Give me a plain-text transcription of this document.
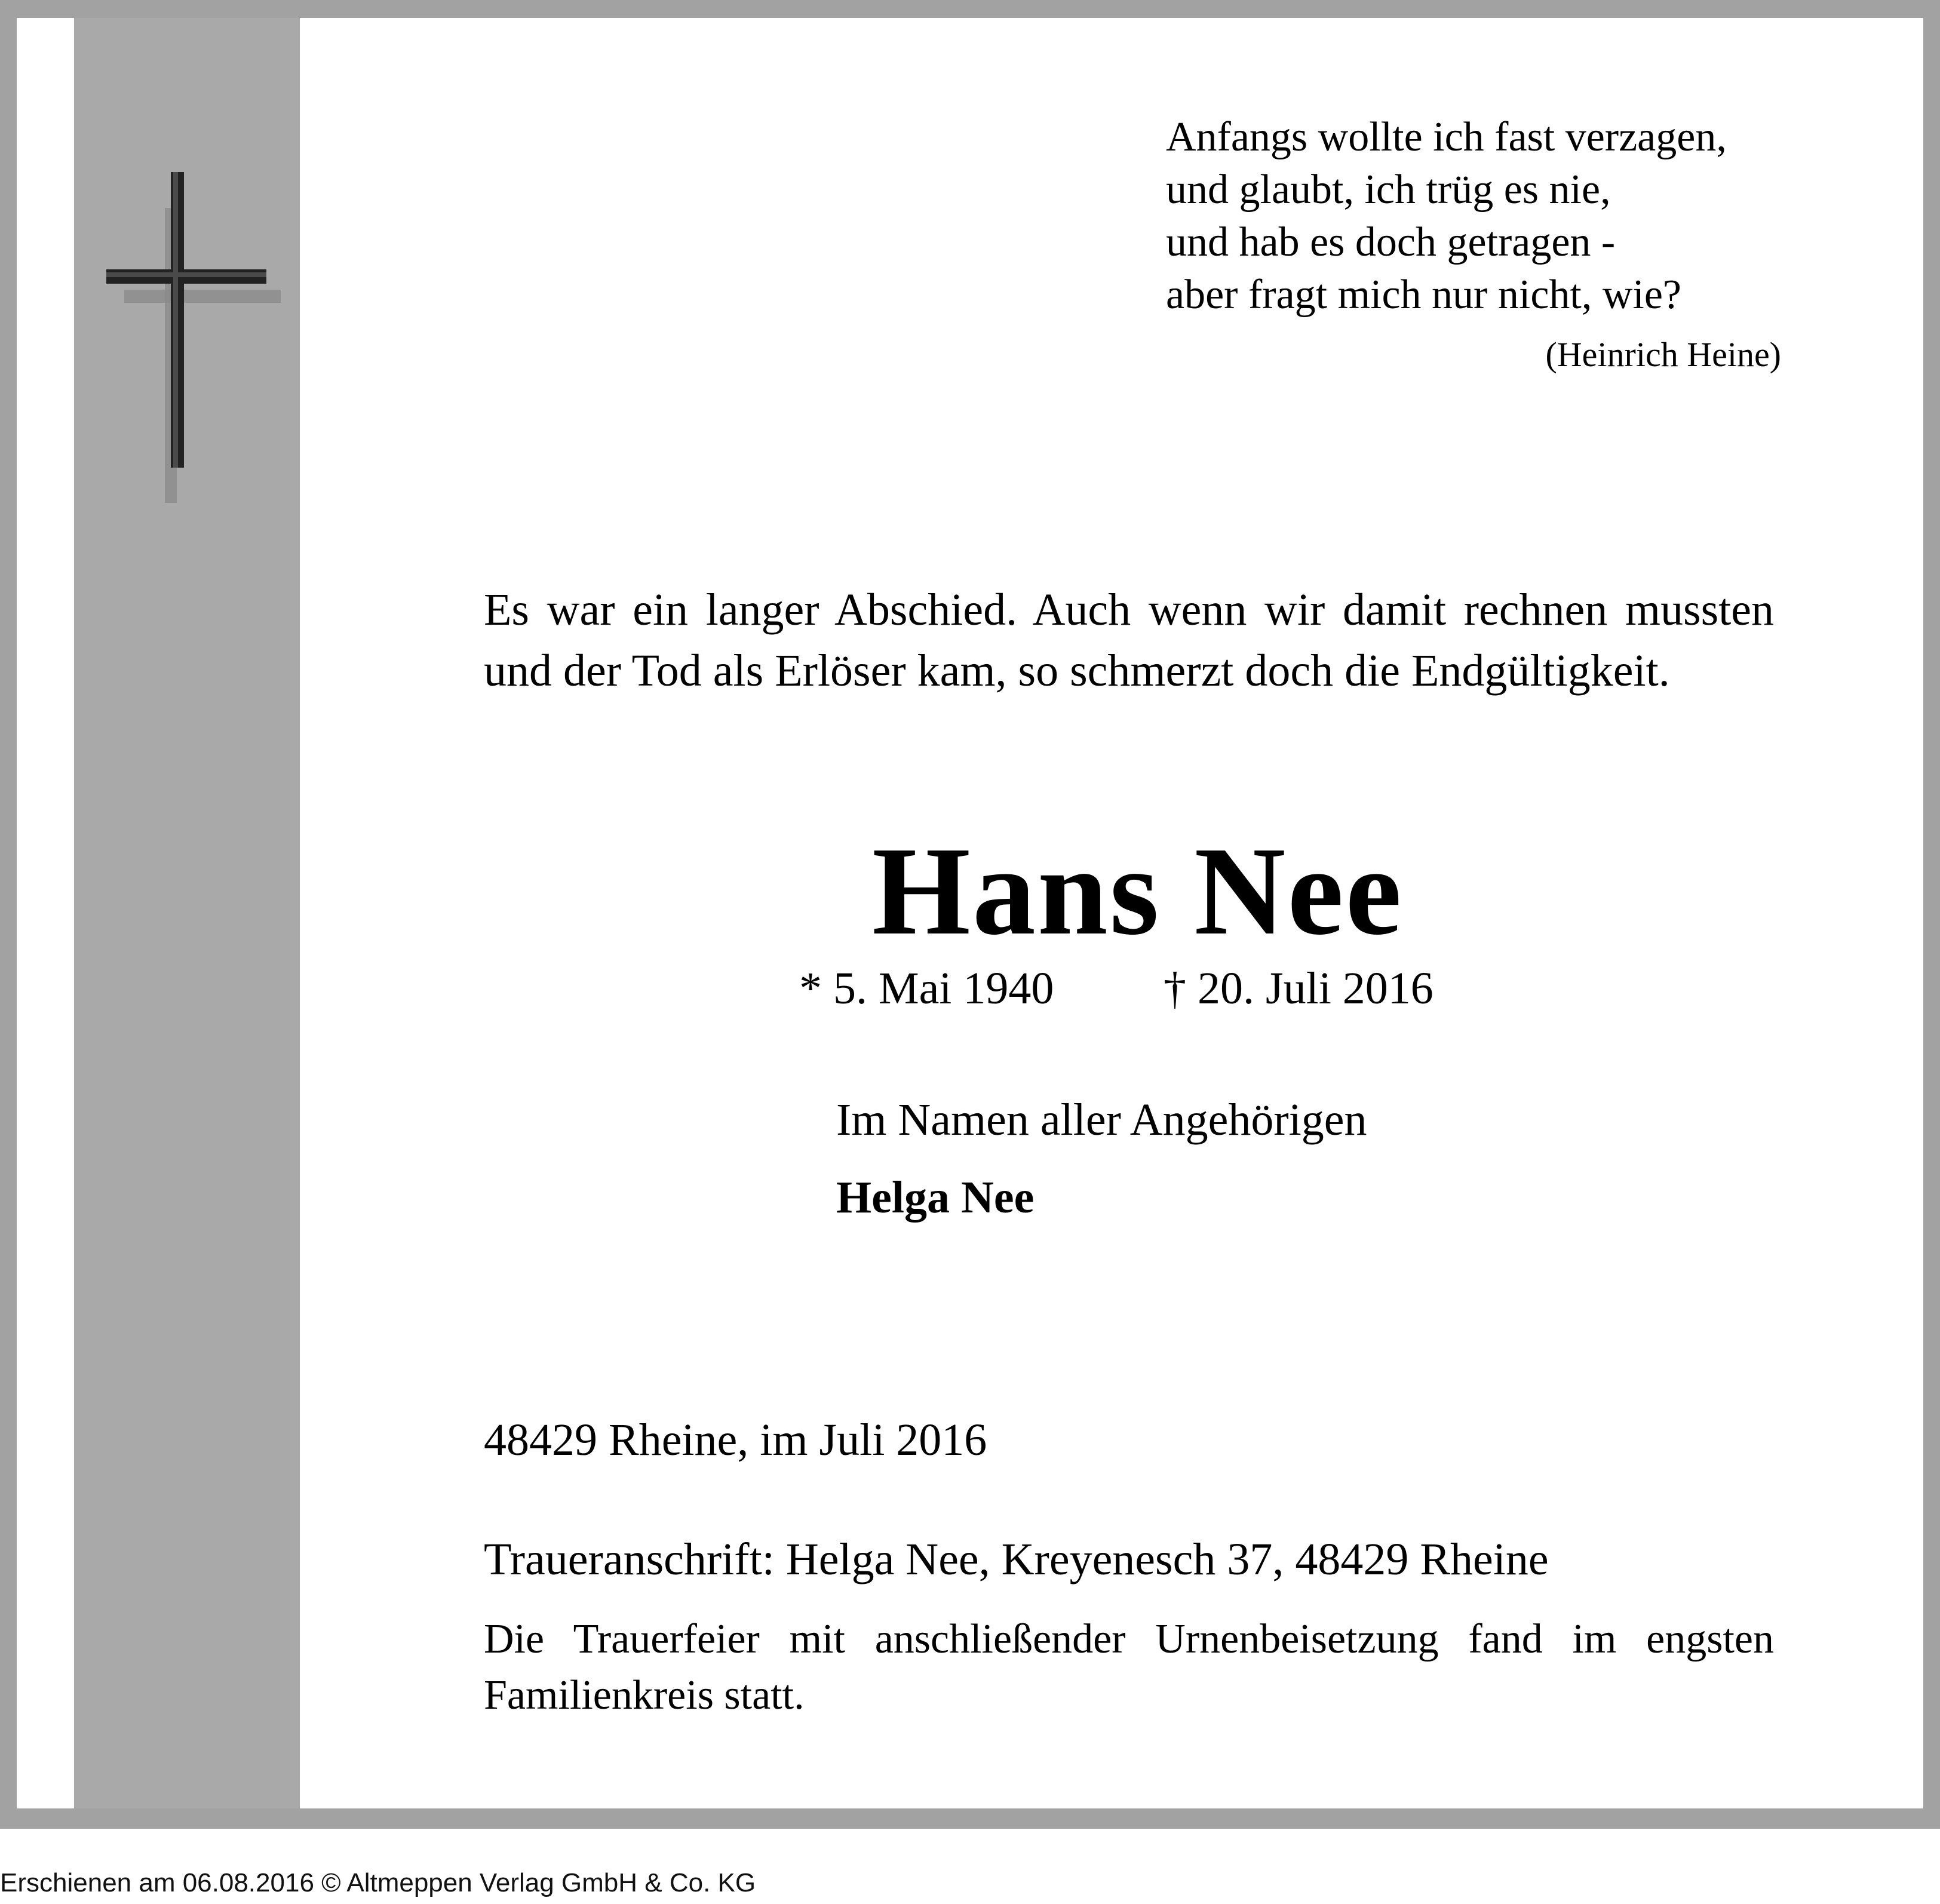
Anfangs wollte ich fast verzagen,
und glaubt, ich trüg es nie,
und hab es doch getragen -
aber fragt mich nur nicht, wie?
(Heinrich Heine)
Es war ein langer Abschied. Auch wenn wir damit rechnen mussten und der Tod als Erlöser kam, so schmerzt doch die Endgültigkeit.
Hans Nee
* 5. Mai 1940 † 20. Juli 2016
Im Namen aller Angehörigen
Helga Nee
48429 Rheine, im Juli 2016
Traueranschrift: Helga Nee, Kreyenesch 37, 48429 Rheine
Die Trauerfeier mit anschließender Urnenbeisetzung fand im engsten Familienkreis statt.
Erschienen am 06.08.2016 © Altmeppen Verlag GmbH & Co. KG
